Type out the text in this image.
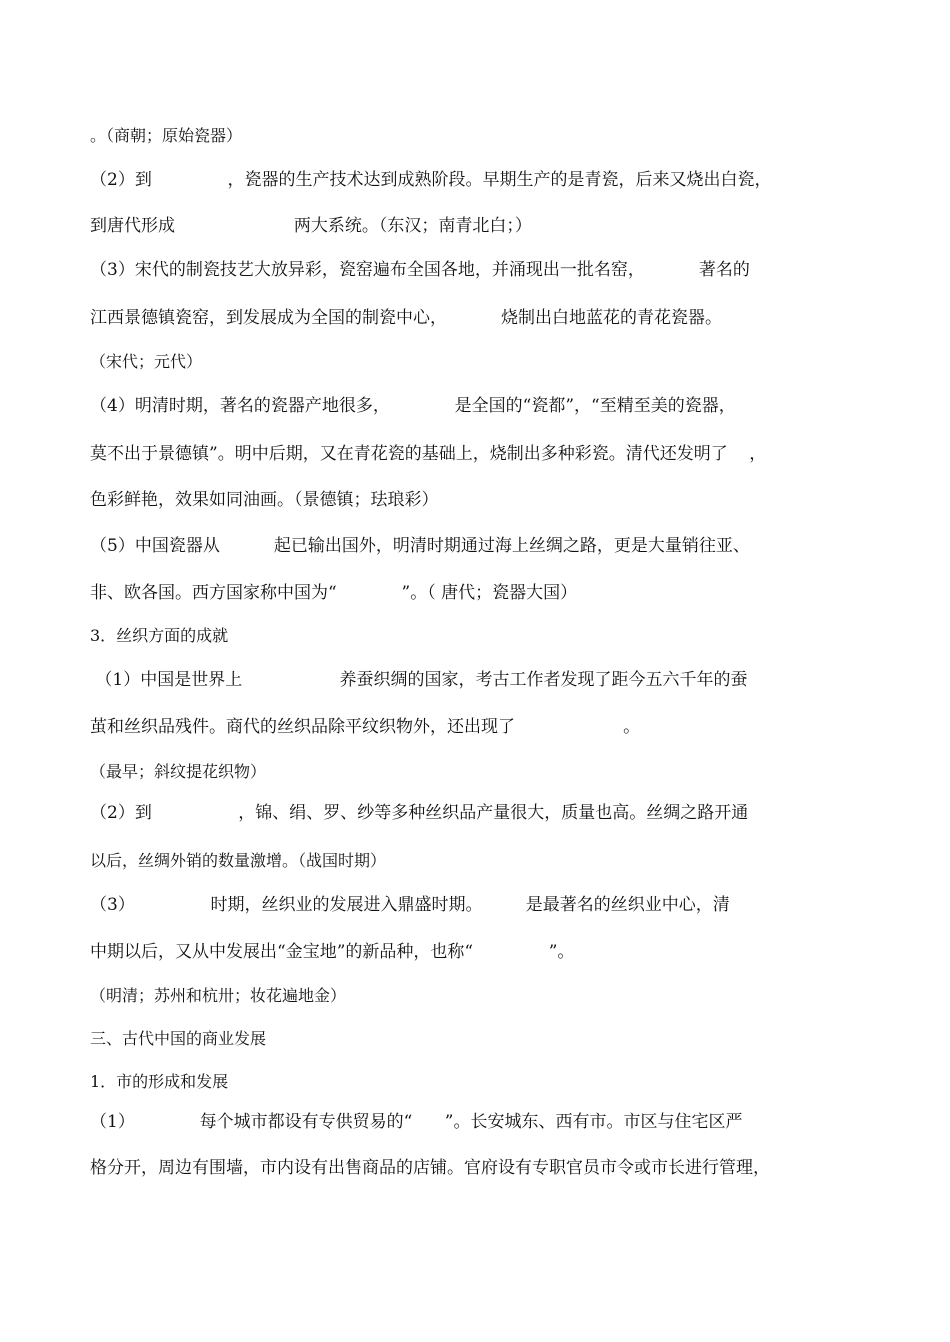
。（商朝；原始瓷器）
（2）到              ，瓷器的生产技术达到成熟阶段。早期生产的是青瓷，后来又烧出白瓷，
到唐代形成                      两大系统。（东汉；南青北白；）
（3）宋代的制瓷技艺大放异彩，瓷窑遍布全国各地，并涌现出一批名窑，          著名的
江西景德镇瓷窑，到发展成为全国的制瓷中心，          烧制出白地蓝花的青花瓷器。
（宋代；元代）
（4）明清时期，著名的瓷器产地很多，            是全国的“瓷都”，“至精至美的瓷器，
莫不出于景德镇”。明中后期，又在青花瓷的基础上，烧制出多种彩瓷。清代还发明了    ，
色彩鲜艳，效果如同油画。（景德镇；珐琅彩）
（5）中国瓷器从          起已输出国外，明清时期通过海上丝绸之路，更是大量销往亚、
非、欧各国。西方国家称中国为“            ”。（ 唐代；瓷器大国）
3．丝织方面的成就
（1）中国是世界上                  养蚕织绸的国家，考古工作者发现了距今五六千年的蚕
茧和丝织品残件。商代的丝织品除平纹织物外，还出现了                    。
（最早；斜纹提花织物）
（2）到                ，锦、绢、罗、纱等多种丝织品产量很大，质量也高。丝绸之路开通
以后，丝绸外销的数量激增。（战国时期）
（3）              时期，丝织业的发展进入鼎盛时期。        是最著名的丝织业中心，清
中期以后，又从中发展出“金宝地”的新品种，也称“              ”。
（明清；苏州和杭卅；妆花遍地金）
三、古代中国的商业发展
1．市的形成和发展
（1）            每个城市都设有专供贸易的“      ”。长安城东、西有市。市区与住宅区严
格分开，周边有围墙，市内设有出售商品的店铺。官府设有专职官员市令或市长进行管理，
